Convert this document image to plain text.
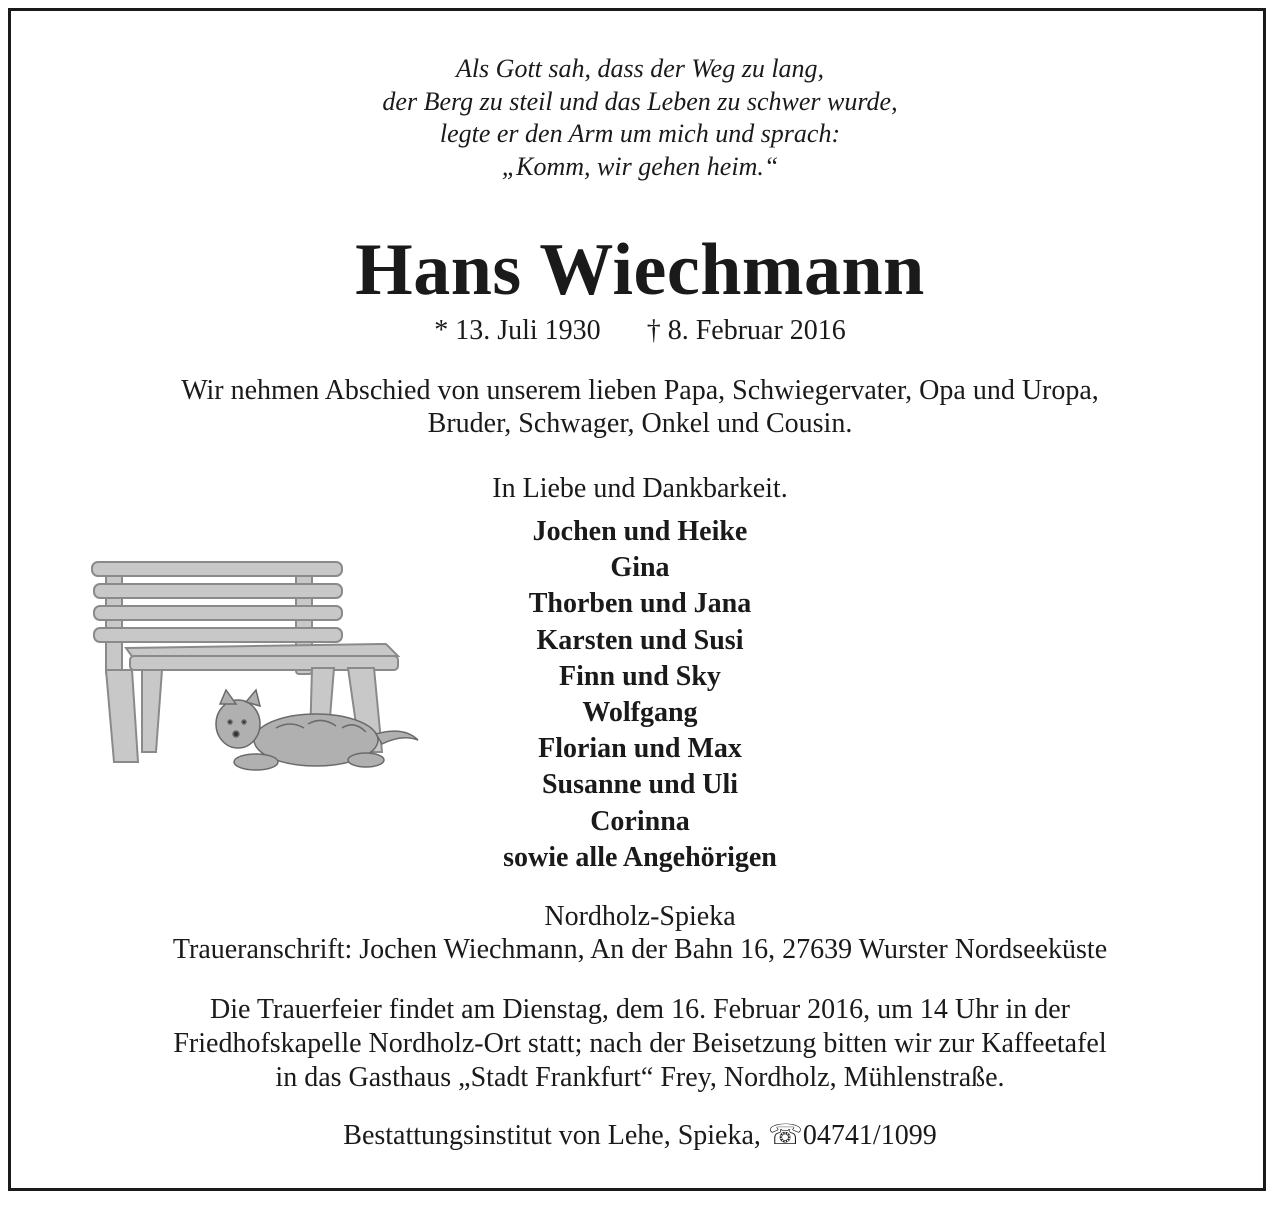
Als Gott sah, dass der Weg zu lang,
der Berg zu steil und das Leben zu schwer wurde,
legte er den Arm um mich und sprach:
„Komm, wir gehen heim.“
Hans Wiechmann
* 13. Juli 1930 † 8. Februar 2016
Wir nehmen Abschied von unserem lieben Papa, Schwiegervater, Opa und Uropa,
Bruder, Schwager, Onkel und Cousin.
In Liebe und Dankbarkeit.
Jochen und Heike
Gina
Thorben und Jana
Karsten und Susi
Finn und Sky
Wolfgang
Florian und Max
Susanne und Uli
Corinna
sowie alle Angehörigen
Nordholz-Spieka
Traueranschrift: Jochen Wiechmann, An der Bahn 16, 27639 Wurster Nordseeküste
Die Trauerfeier findet am Dienstag, dem 16. Februar 2016, um 14 Uhr in der
Friedhofskapelle Nordholz-Ort statt; nach der Beisetzung bitten wir zur Kaffeetafel
in das Gasthaus „Stadt Frankfurt“ Frey, Nordholz, Mühlenstraße.
Bestattungsinstitut von Lehe, Spieka, ☏04741/1099
